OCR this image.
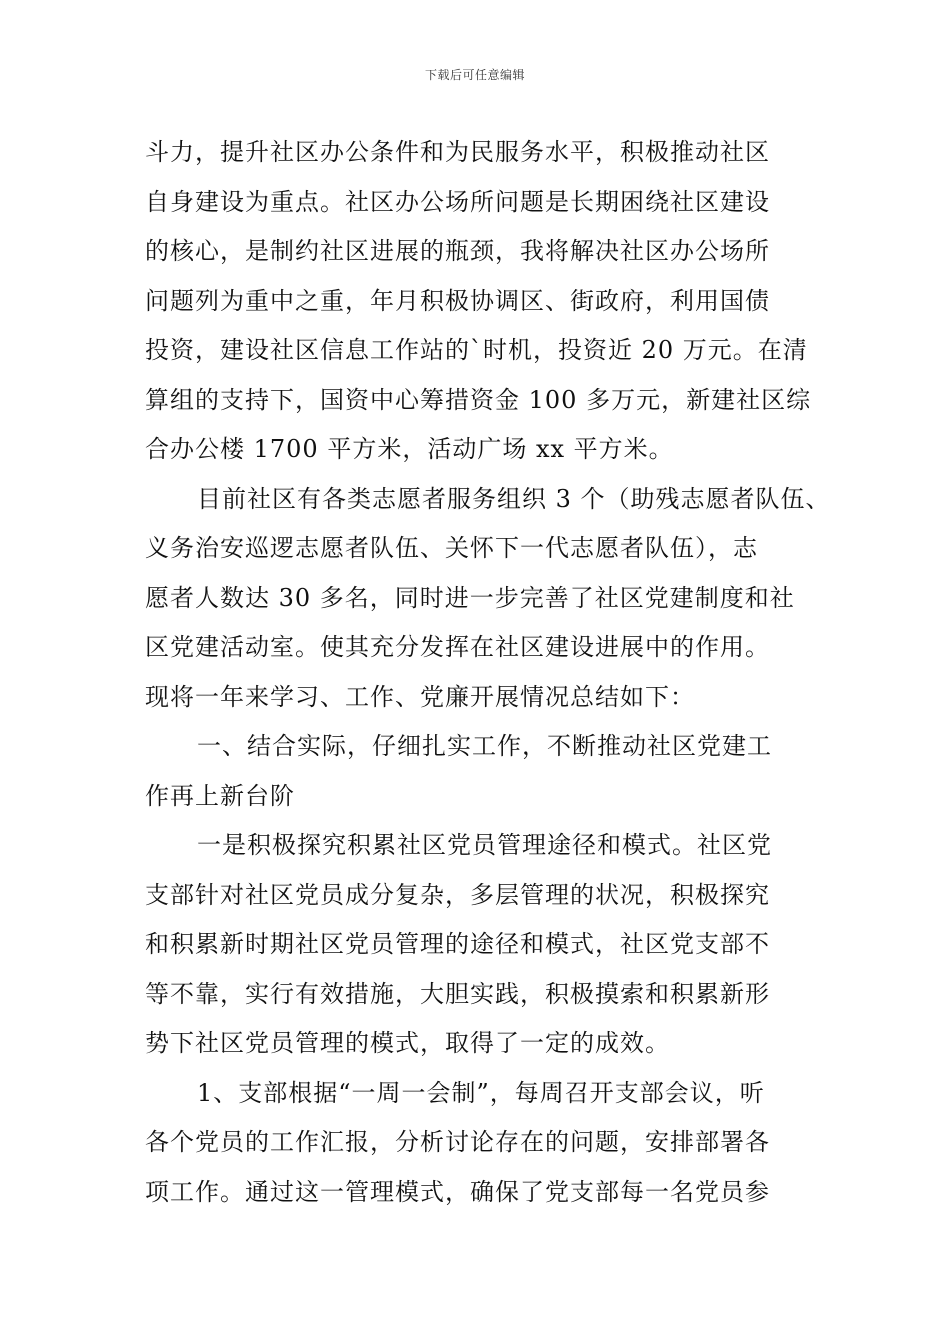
下载后可任意编辑
斗力，提升社区办公条件和为民服务水平，积极推动社区
自身建设为重点。社区办公场所问题是长期困绕社区建设
的核心，是制约社区进展的瓶颈，我将解决社区办公场所
问题列为重中之重，年月积极协调区、街政府，利用国债
投资，建设社区信息工作站的`时机，投资近 20 万元。在清
算组的支持下，国资中心筹措资金 100 多万元，新建社区综
合办公楼 1700 平方米，活动广场 xx 平方米。
目前社区有各类志愿者服务组织 3 个（助残志愿者队伍、
义务治安巡逻志愿者队伍、关怀下一代志愿者队伍），志
愿者人数达 30 多名，同时进一步完善了社区党建制度和社
区党建活动室。使其充分发挥在社区建设进展中的作用。
现将一年来学习、工作、党廉开展情况总结如下：
一、结合实际，仔细扎实工作，不断推动社区党建工
作再上新台阶
一是积极探究积累社区党员管理途径和模式。社区党
支部针对社区党员成分复杂，多层管理的状况，积极探究
和积累新时期社区党员管理的途径和模式，社区党支部不
等不靠，实行有效措施，大胆实践，积极摸索和积累新形
势下社区党员管理的模式，取得了一定的成效。
1、支部根据“一周一会制”，每周召开支部会议，听
各个党员的工作汇报，分析讨论存在的问题，安排部署各
项工作。通过这一管理模式，确保了党支部每一名党员参
